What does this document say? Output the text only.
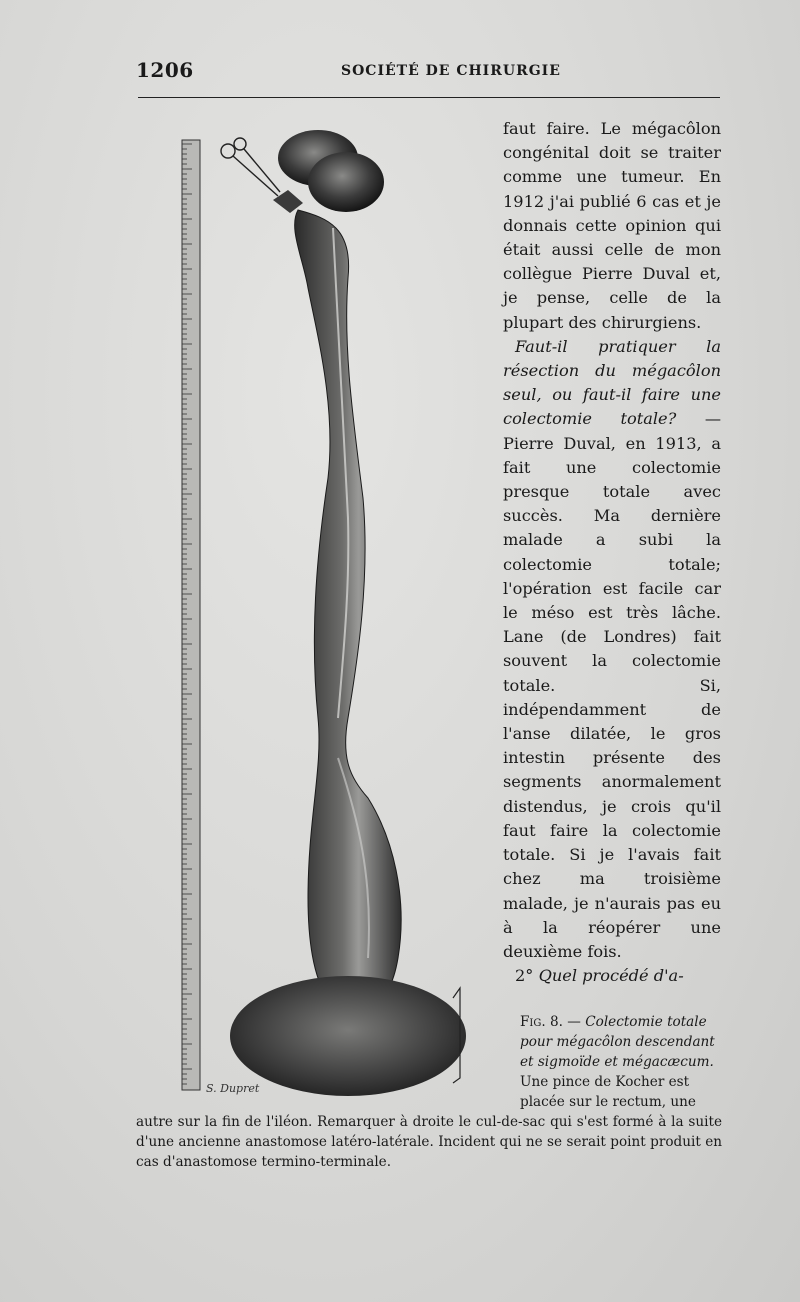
1206	SOCIÉTÉ DE CHIRURGIE
S. Dupret

faut faire. Le mégacôlon congénital doit se traiter comme une tumeur. En 1912 j'ai publié 6 cas et je donnais cette opinion qui était aussi celle de mon collègue Pierre Duval et, je pense, celle de la plupart des chirurgiens.

Faut-il pratiquer la résection du mégacôlon seul, ou faut-il faire une colectomie totale? — Pierre Duval, en 1913, a fait une colectomie presque totale avec succès. Ma dernière malade a subi la colectomie totale; l'opération est facile car le méso est très lâche. Lane (de Londres) fait souvent la colectomie totale. Si, indépendamment de l'anse dilatée, le gros intestin présente des segments anormalement distendus, je crois qu'il faut faire la colectomie totale. Si je l'avais fait chez ma troisième malade, je n'aurais pas eu à la réopérer une deuxième fois.

2° Quel procédé d'a-

Fig. 8. — Colectomie totale pour mégacôlon descendant et sigmoïde et mégacæcum.

Une pince de Kocher est placée sur le rectum, une

autre sur la fin de l'iléon. Remarquer à droite le cul-de-sac qui s'est formé à la suite d'une ancienne anastomose latéro-latérale. Incident qui ne se serait point produit en cas d'anastomose termino-terminale.
